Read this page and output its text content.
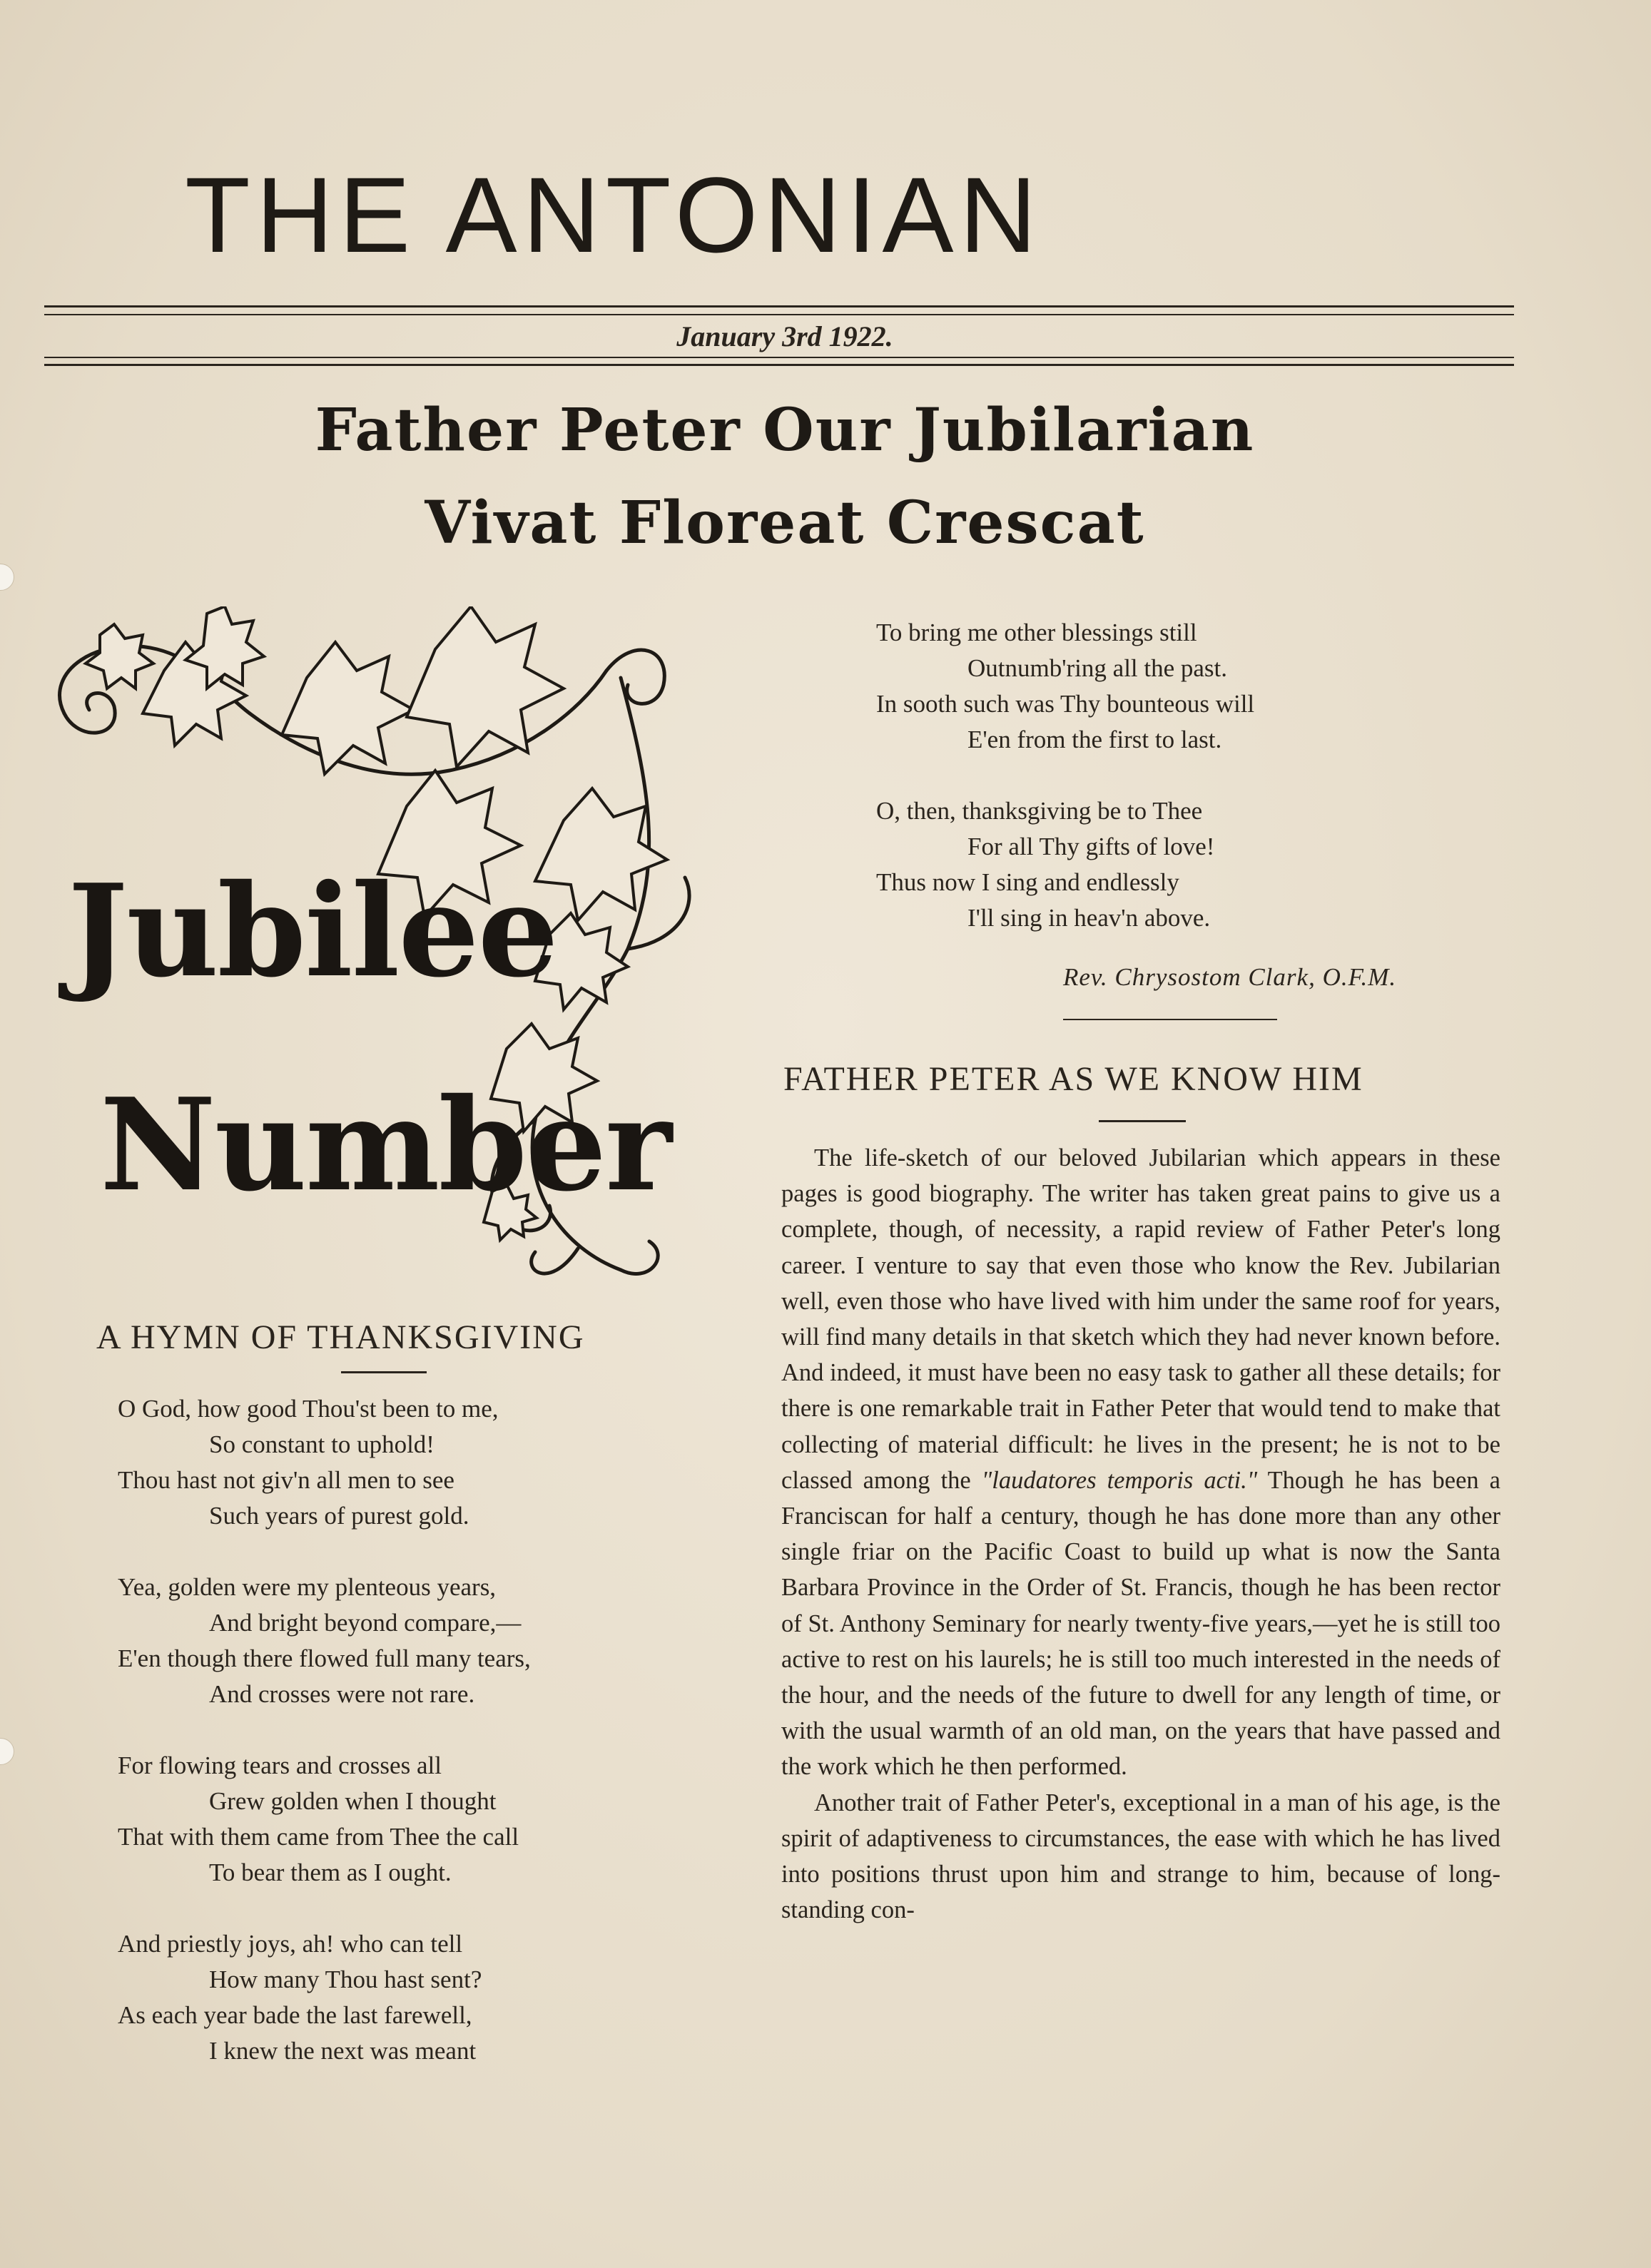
THE ANTONIAN
January 3rd 1922.
Father Peter Our Jubilarian
Vivat Floreat Crescat
Jubilee
Number
A HYMN OF THANKSGIVING
O God, how good Thou'st been to me,
So constant to uphold!
Thou hast not giv'n all men to see
Such years of purest gold.
Yea, golden were my plenteous years,
And bright beyond compare,—
E'en though there flowed full many tears,
And crosses were not rare.
For flowing tears and crosses all
Grew golden when I thought
That with them came from Thee the call
To bear them as I ought.
And priestly joys, ah! who can tell
How many Thou hast sent?
As each year bade the last farewell,
I knew the next was meant
To bring me other blessings still
Outnumb'ring all the past.
In sooth such was Thy bounteous will
E'en from the first to last.
O, then, thanksgiving be to Thee
For all Thy gifts of love!
Thus now I sing and endlessly
I'll sing in heav'n above.
Rev. Chrysostom Clark, O.F.M.
FATHER PETER AS WE KNOW HIM

The life-sketch of our beloved Jubilarian which appears in these pages is good biography. The writer has taken great pains to give us a complete, though, of necessity, a rapid review of Father Peter's long career. I venture to say that even those who know the Rev. Jubilarian well, even those who have lived with him under the same roof for years, will find many details in that sketch which they had never known before. And indeed, it must have been no easy task to gather all these details; for there is one remarkable trait in Father Peter that would tend to make that collecting of material difficult: he lives in the present; he is not to be classed among the "laudatores temporis acti." Though he has been a Franciscan for half a century, though he has done more than any other single friar on the Pacific Coast to build up what is now the Santa Barbara Province in the Order of St. Francis, though he has been rector of St. Anthony Seminary for nearly twenty-five years,—yet he is still too active to rest on his laurels; he is still too much interested in the needs of the hour, and the needs of the future to dwell for any length of time, or with the usual warmth of an old man, on the years that have passed and the work which he then performed.

Another trait of Father Peter's, exceptional in a man of his age, is the spirit of adaptiveness to circumstances, the ease with which he has lived into positions thrust upon him and strange to him, because of long-standing con-
